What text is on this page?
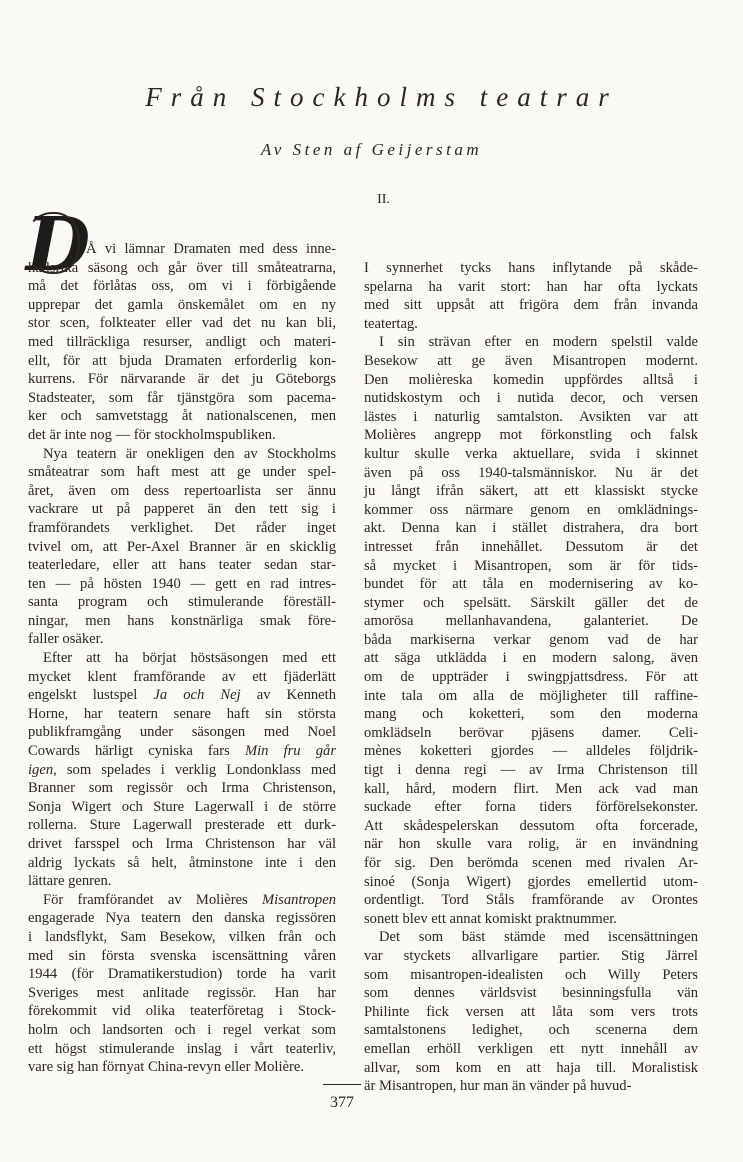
Från Stockholms teatrar
Av Sten af Geijerstam
II.
D
Å vi lämnar Dramaten med dess inne-
hållsrika säsong och går över till småteatrarna,
må det förlåtas oss, om vi i förbigående
upprepar det gamla önskemålet om en ny
stor scen, folkteater eller vad det nu kan bli,
med tillräckliga resurser, andligt och materi-
ellt, för att bjuda Dramaten erforderlig kon-
kurrens. För närvarande är det ju Göteborgs
Stadsteater, som får tjänstgöra som pacema-
ker och samvetstagg åt nationalscenen, men
det är inte nog — för stockholmspubliken.
Nya teatern är onekligen den av Stockholms
småteatrar som haft mest att ge under spel-
året, även om dess repertoarlista ser ännu
vackrare ut på papperet än den tett sig i
framförandets verklighet. Det råder inget
tvivel om, att Per-Axel Branner är en skicklig
teaterledare, eller att hans teater sedan star-
ten — på hösten 1940 — gett en rad intres-
santa program och stimulerande föreställ-
ningar, men hans konstnärliga smak före-
faller osäker.
Efter att ha börjat höstsäsongen med ett
mycket klent framförande av ett fjäderlätt
engelskt lustspel Ja och Nej av Kenneth
Horne, har teatern senare haft sin största
publikframgång under säsongen med Noel
Cowards härligt cyniska fars Min fru går
igen, som spelades i verklig Londonklass med
Branner som regissör och Irma Christenson,
Sonja Wigert och Sture Lagerwall i de större
rollerna. Sture Lagerwall presterade ett durk-
drivet farsspel och Irma Christenson har väl
aldrig lyckats så helt, åtminstone inte i den
lättare genren.
För framförandet av Molières Misantropen
engagerade Nya teatern den danska regissören
i landsflykt, Sam Besekow, vilken från och
med sin första svenska iscensättning våren
1944 (för Dramatikerstudion) torde ha varit
Sveriges mest anlitade regissör. Han har
förekommit vid olika teaterföretag i Stock-
holm och landsorten och i regel verkat som
ett högst stimulerande inslag i vårt teaterliv,
vare sig han förnyat China-revyn eller Molière.
I synnerhet tycks hans inflytande på skåde-
spelarna ha varit stort: han har ofta lyckats
med sitt uppsåt att frigöra dem från invanda
teatertag.
I sin strävan efter en modern spelstil valde
Besekow att ge även Misantropen modernt.
Den molièreska komedin uppfördes alltså i
nutidskostym och i nutida decor, och versen
lästes i naturlig samtalston. Avsikten var att
Molières angrepp mot förkonstling och falsk
kultur skulle verka aktuellare, svida i skinnet
även på oss 1940-talsmänniskor. Nu är det
ju långt ifrån säkert, att ett klassiskt stycke
kommer oss närmare genom en omklädnings-
akt. Denna kan i stället distrahera, dra bort
intresset från innehållet. Dessutom är det
så mycket i Misantropen, som är för tids-
bundet för att tåla en modernisering av ko-
stymer och spelsätt. Särskilt gäller det de
amorösa mellanhavandena, galanteriet. De
båda markiserna verkar genom vad de har
att säga utklädda i en modern salong, även
om de uppträder i swingpjattsdress. För att
inte tala om alla de möjligheter till raffine-
mang och koketteri, som den moderna
omklädseln berövar pjäsens damer. Celi-
mènes koketteri gjordes — alldeles följdrik-
tigt i denna regi — av Irma Christenson till
kall, hård, modern flirt. Men ack vad man
suckade efter forna tiders förförelsekonster.
Att skådespelerskan dessutom ofta forcerade,
när hon skulle vara rolig, är en invändning
för sig. Den berömda scenen med rivalen Ar-
sinoé (Sonja Wigert) gjordes emellertid utom-
ordentligt. Tord Ståls framförande av Orontes
sonett blev ett annat komiskt praktnummer.
Det som bäst stämde med iscensättningen
var styckets allvarligare partier. Stig Järrel
som misantropen-idealisten och Willy Peters
som dennes världsvist besinningsfulla vän
Philinte fick versen att låta som vers trots
samtalstonens ledighet, och scenerna dem
emellan erhöll verkligen ett nytt innehåll av
allvar, som kom en att haja till. Moralistisk
är Misantropen, hur man än vänder på huvud-
377
